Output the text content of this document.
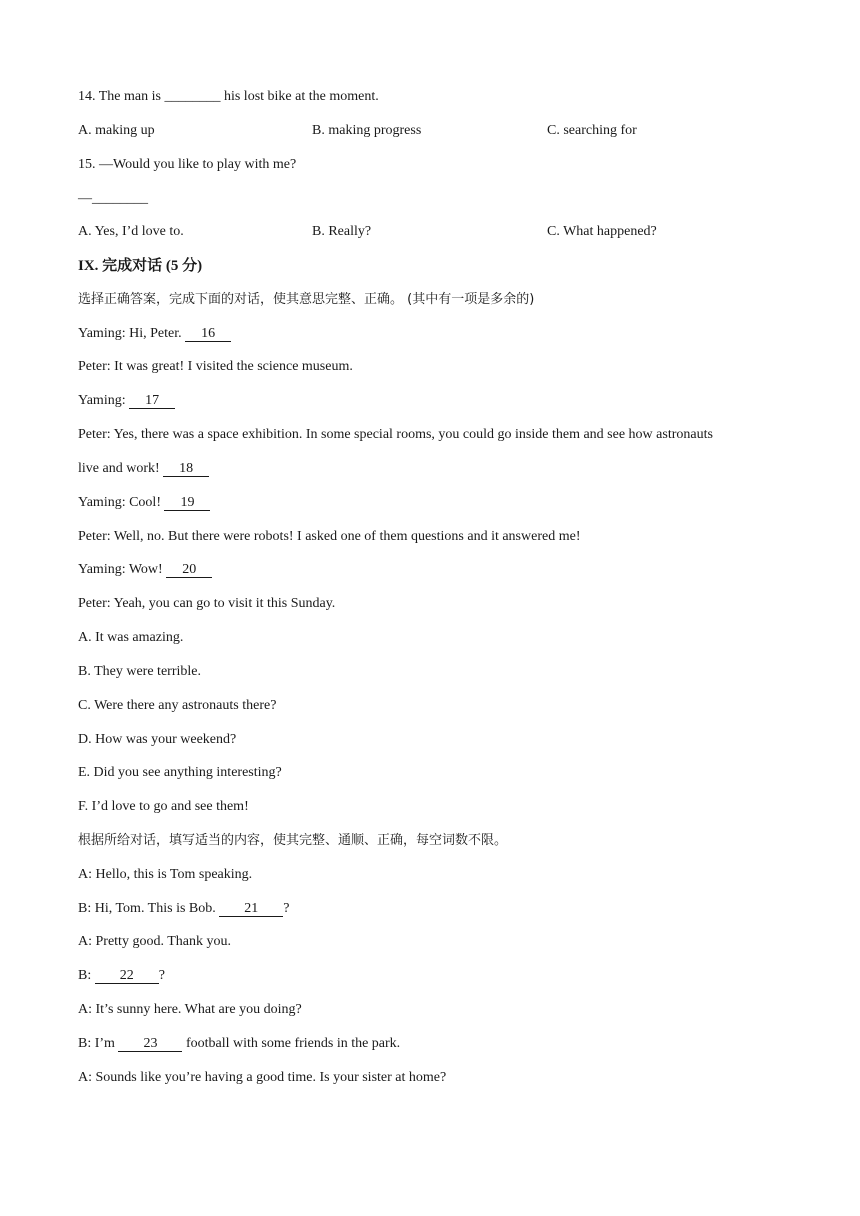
14. The man is ________ his lost bike at the moment.
A. making up	B. making progress	C. searching for
15. —Would you like to play with me?
—________
A. Yes, I’d love to.	B. Really?	C. What happened?
IX. 完成对话 (5 分)
选择正确答案，完成下面的对话，使其意思完整、正确。 (其中有一项是多余的)
Yaming: Hi, Peter. 16
Peter: It was great! I visited the science museum.
Yaming: 17
Peter: Yes, there was a space exhibition. In some special rooms, you could go inside them and see how astronauts
live and work! 18
Yaming: Cool! 19
Peter: Well, no. But there were robots! I asked one of them questions and it answered me!
Yaming: Wow! 20
Peter: Yeah, you can go to visit it this Sunday.
A. It was amazing.
B. They were terrible.
C. Were there any astronauts there?
D. How was your weekend?
E. Did you see anything interesting?
F. I’d love to go and see them!
根据所给对话，填写适当的内容，使其完整、通顺、正确，每空词数不限。
A: Hello, this is Tom speaking.
B: Hi, Tom. This is Bob. 21 ?
A: Pretty good. Thank you.
B: 22 ?
A: It’s sunny here. What are you doing?
B: I’m 23 football with some friends in the park.
A: Sounds like you’re having a good time. Is your sister at home?
